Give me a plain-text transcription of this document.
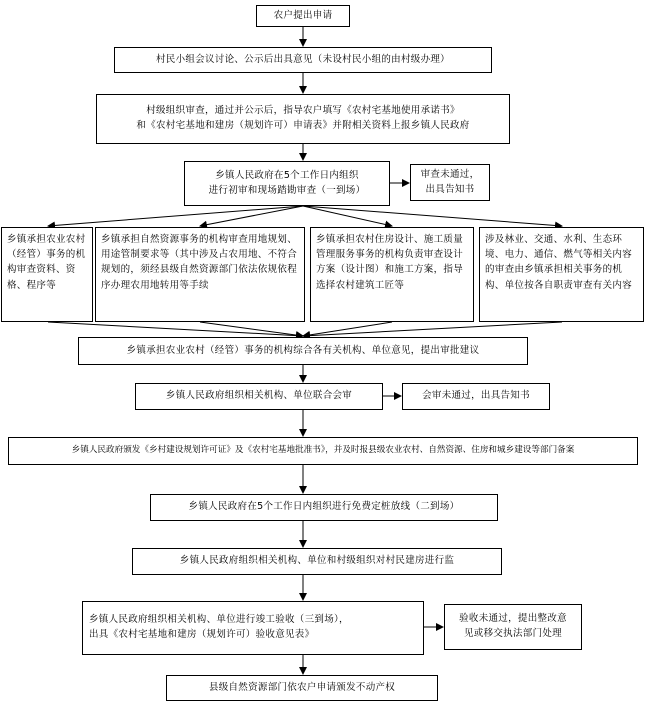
农户提出申请
村民小组会议讨论、公示后出具意见（未设村民小组的由村级办理）
村级组织审查，通过并公示后，指导农户填写《农村宅基地使用承诺书》
和《农村宅基地和建房（规划许可）申请表》并附相关资料上报乡镇人民政府
乡镇人民政府在5个工作日内组织
进行初审和现场踏勘审查（一到场）
审查未通过，
出具告知书
乡镇承担农业农村（经管）事务的机构审查资料、资格、程序等
乡镇承担自然资源事务的机构审查用地规划、用途管制要求等（其中涉及占农用地、不符合规划的，须经县级自然资源部门依法依规依程序办理农用地转用等手续
乡镇承担农村住房设计、施工质量管理服务事务的机构负责审查设计方案（设计图）和施工方案，指导选择农村建筑工匠等
涉及林业、交通、水利、生态环境、电力、通信、燃气等相关内容的审查由乡镇承担相关事务的机构、单位按各自职责审查有关内容
乡镇承担农业农村（经管）事务的机构综合各有关机构、单位意见，提出审批建议
乡镇人民政府组织相关机构、单位联合会审	会审未通过，出具告知书
乡镇人民政府颁发《乡村建设规划许可证》及《农村宅基地批准书》，并及时报县级农业农村、自然资源、住房和城乡建设等部门备案
乡镇人民政府在5个工作日内组织进行免费定桩放线（二到场）
乡镇人民政府组织相关机构、单位和村级组织对村民建房进行监
乡镇人民政府组织相关机构、单位进行竣工验收（三到场），
出具《农村宅基地和建房（规划许可）验收意见表》
验收未通过，提出整改意
见或移交执法部门处理
县级自然资源部门依农户申请颁发不动产权
